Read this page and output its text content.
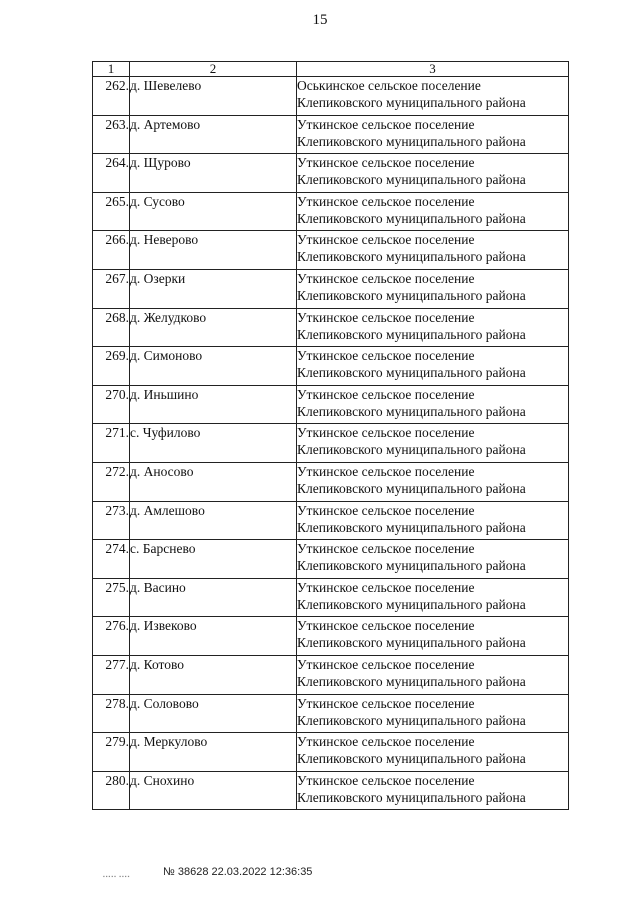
15
1	2	3
262.	д. Шевелево	Оськинское сельское поселение
Клепиковского муниципального района

263.	д. Артемово	Уткинское сельское поселение
Клепиковского муниципального района

264.	д. Щурово	Уткинское сельское поселение
Клепиковского муниципального района

265.	д. Сусово	Уткинское сельское поселение
Клепиковского муниципального района

266.	д. Неверово	Уткинское сельское поселение
Клепиковского муниципального района

267.	д. Озерки	Уткинское сельское поселение
Клепиковского муниципального района

268.	д. Желудково	Уткинское сельское поселение
Клепиковского муниципального района

269.	д. Симоново	Уткинское сельское поселение
Клепиковского муниципального района

270.	д. Иньшино	Уткинское сельское поселение
Клепиковского муниципального района

271.	с. Чуфилово	Уткинское сельское поселение
Клепиковского муниципального района

272.	д. Аносово	Уткинское сельское поселение
Клепиковского муниципального района

273.	д. Амлешово	Уткинское сельское поселение
Клепиковского муниципального района

274.	с. Барснево	Уткинское сельское поселение
Клепиковского муниципального района

275.	д. Васино	Уткинское сельское поселение
Клепиковского муниципального района

276.	д. Извеково	Уткинское сельское поселение
Клепиковского муниципального района

277.	д. Котово	Уткинское сельское поселение
Клепиковского муниципального района

278.	д. Соловово	Уткинское сельское поселение
Клепиковского муниципального района

279.	д. Меркулово	Уткинское сельское поселение
Клепиковского муниципального района

280.	д. Снохино	Уткинское сельское поселение
Клепиковского муниципального района
▪▪▪▪▪ ▪▪▪▪	№ 38628 22.03.2022 12:36:35
